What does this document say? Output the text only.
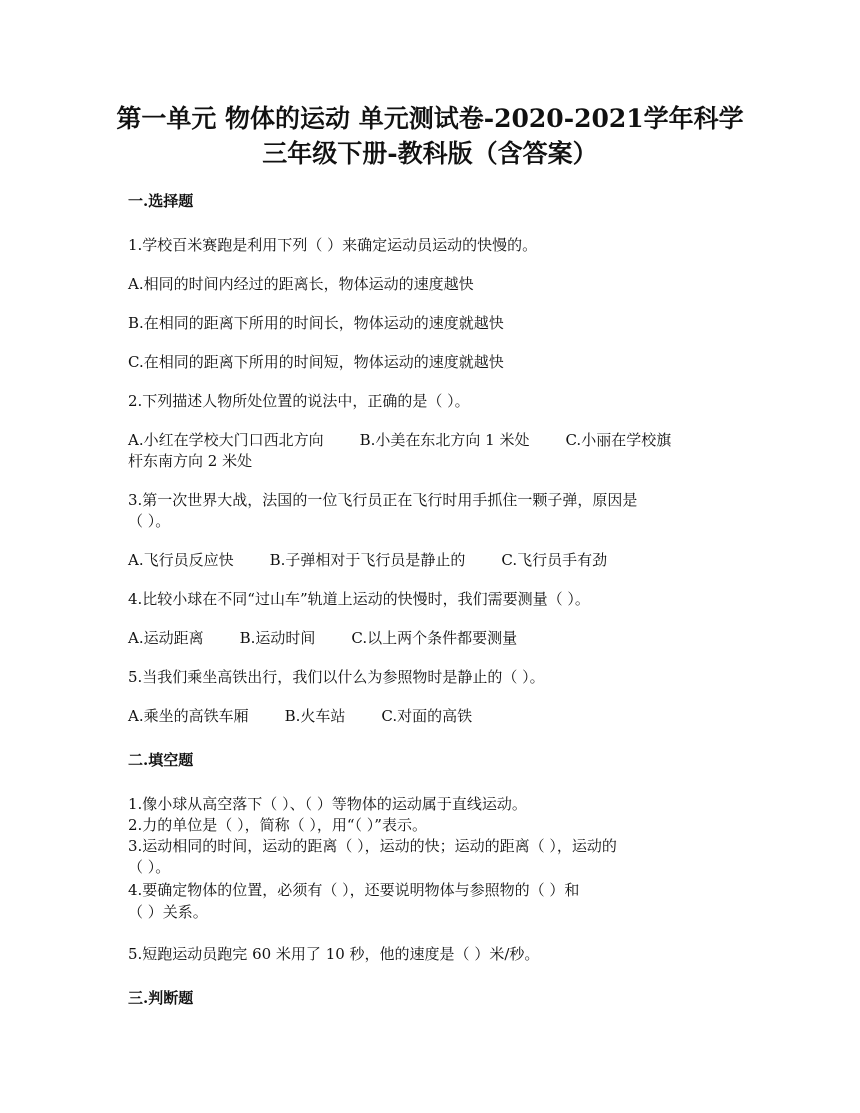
第一单元 物体的运动 单元测试卷-2020-2021学年科学
三年级下册-教科版（含答案）
一.选择题
1.学校百米赛跑是利用下列（ ）来确定运动员运动的快慢的。
A.相同的时间内经过的距离长，物体运动的速度越快
B.在相同的距离下所用的时间长，物体运动的速度就越快
C.在相同的距离下所用的时间短，物体运动的速度就越快
2.下列描述人物所处位置的说法中，正确的是（ ）。
A.小红在学校大门口西北方向 B.小美在东北方向 1 米处 C.小丽在学校旗
杆东南方向 2 米处
3.第一次世界大战，法国的一位飞行员正在飞行时用手抓住一颗子弹，原因是
（ ）。
A.飞行员反应快 B.子弹相对于飞行员是静止的 C.飞行员手有劲
4.比较小球在不同“过山车”轨道上运动的快慢时，我们需要测量（ ）。
A.运动距离 B.运动时间 C.以上两个条件都要测量
5.当我们乘坐高铁出行，我们以什么为参照物时是静止的（ ）。
A.乘坐的高铁车厢 B.火车站 C.对面的高铁
二.填空题
1.像小球从高空落下（ ）、（ ）等物体的运动属于直线运动。
2.力的单位是（ ），简称（ ），用“（ ）”表示。
3.运动相同的时间，运动的距离（ ），运动的快；运动的距离（ ），运动的
（ ）。
4.要确定物体的位置，必须有（ ），还要说明物体与参照物的（ ）和
（ ）关系。
5.短跑运动员跑完 60 米用了 10 秒，他的速度是（ ）米/秒。
三.判断题
